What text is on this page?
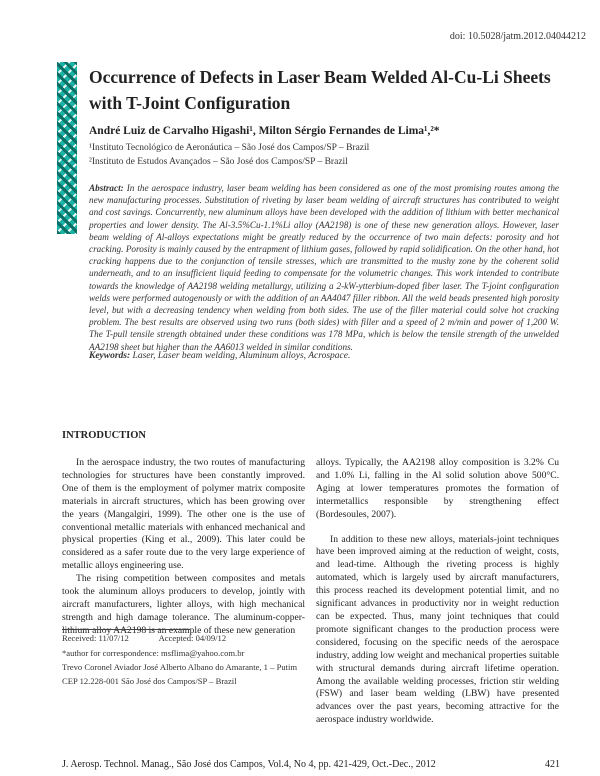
doi: 10.5028/jatm.2012.04044212
Occurrence of Defects in Laser Beam Welded Al-Cu-Li Sheets with T-Joint Configuration
André Luiz de Carvalho Higashi¹, Milton Sérgio Fernandes de Lima¹,²*
¹Instituto Tecnológico de Aeronáutica – São José dos Campos/SP – Brazil
²Instituto de Estudos Avançados – São José dos Campos/SP – Brazil
Abstract: In the aerospace industry, laser beam welding has been considered as one of the most promising routes among the new manufacturing processes. Substitution of riveting by laser beam welding of aircraft structures has contributed to weight and cost savings. Concurrently, new aluminum alloys have been developed with the addition of lithium with better mechanical properties and lower density. The Al-3.5%Cu-1.1%Li alloy (AA2198) is one of these new generation alloys. However, laser beam welding of Al-alloys expectations might be greatly reduced by the occurrence of two main defects: porosity and hot cracking. Porosity is mainly caused by the entrapment of lithium gases, followed by rapid solidification. On the other hand, hot cracking happens due to the conjunction of tensile stresses, which are transmitted to the mushy zone by the coherent solid underneath, and to an insufficient liquid feeding to compensate for the volumetric changes. This work intended to contribute towards the knowledge of AA2198 welding metallurgy, utilizing a 2-kW-ytterbium-doped fiber laser. The T-joint configuration welds were performed autogenously or with the addition of an AA4047 filler ribbon. All the weld beads presented high porosity level, but with a decreasing tendency when welding from both sides. The use of the filler material could solve hot cracking problem. The best results are observed using two runs (both sides) with filler and a speed of 2 m/min and power of 1,200 W. The T-pull tensile strength obtained under these conditions was 178 MPa, which is below the tensile strength of the unwelded AA2198 sheet but higher than the AA6013 welded in similar conditions.
Keywords: Laser, Laser beam welding, Aluminum alloys, Acrospace.
INTRODUCTION

In the aerospace industry, the two routes of manufacturing technologies for structures have been constantly improved. One of them is the employment of polymer matrix composite materials in aircraft structures, which has been growing over the years (Mangalgiri, 1999). The other one is the use of conventional metallic materials with enhanced mechanical and physical properties (King et al., 2009). This later could be considered as a safer route due to the very large experience of metallic alloys engineering use.

The rising competition between composites and metals took the aluminum alloys producers to develop, jointly with aircraft manufacturers, lighter alloys, with high mechanical strength and high damage tolerance. The aluminum-copper-lithium alloy AA2198 is an example of these new generation

alloys. Typically, the AA2198 alloy composition is 3.2% Cu and 1.0% Li, falling in the Al solid solution above 500°C. Aging at lower temperatures promotes the formation of intermetallics responsible by strengthening effect (Bordesoules, 2007).

In addition to these new alloys, materials-joint techniques have been improved aiming at the reduction of weight, costs, and lead-time. Although the riveting process is highly automated, which is largely used by aircraft manufacturers, this process reached its development potential limit, and no significant advances in productivity nor in weight reduction can be expected. Thus, many joint techniques that could promote significant changes to the production process were considered, focusing on the specific needs of the aerospace industry, adding low weight and mechanical properties suitable with structural demands during aircraft lifetime operation. Among the available welding processes, friction stir welding (FSW) and laser beam welding (LBW) have presented advances over the past years, becoming attractive for the aerospace industry worldwide.

Received: 11/07/12	Accepted: 04/09/12
*author for correspondence: msflima@yahoo.com.br
Trevo Coronel Aviador José Alberto Albano do Amarante, 1 – Putim
CEP 12.228-001 São José dos Campos/SP – Brazil
J. Aerosp. Technol. Manag., São José dos Campos, Vol.4, No 4, pp. 421-429, Oct.-Dec., 2012	421
